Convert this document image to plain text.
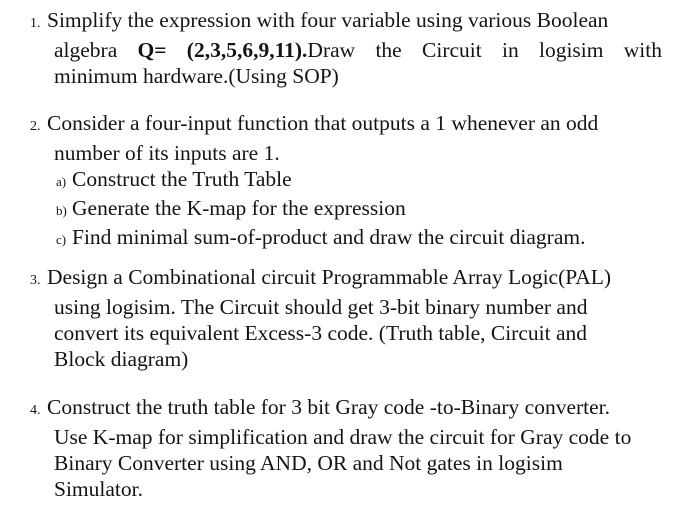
1. Simplify the expression with four variable using various Boolean
algebra Q= (2,3,5,6,9,11).Draw the Circuit in logisim with
minimum hardware.(Using SOP)
2. Consider a four-input function that outputs a 1 whenever an odd
number of its inputs are 1.
a) Construct the Truth Table
b) Generate the K-map for the expression
c) Find minimal sum-of-product and draw the circuit diagram.
3. Design a Combinational circuit Programmable Array Logic(PAL)
using logisim. The Circuit should get 3-bit binary number and
convert its equivalent Excess-3 code. (Truth table, Circuit and
Block diagram)
4. Construct the truth table for 3 bit Gray code -to-Binary converter.
Use K-map for simplification and draw the circuit for Gray code to
Binary Converter using AND, OR and Not gates in logisim
Simulator.
